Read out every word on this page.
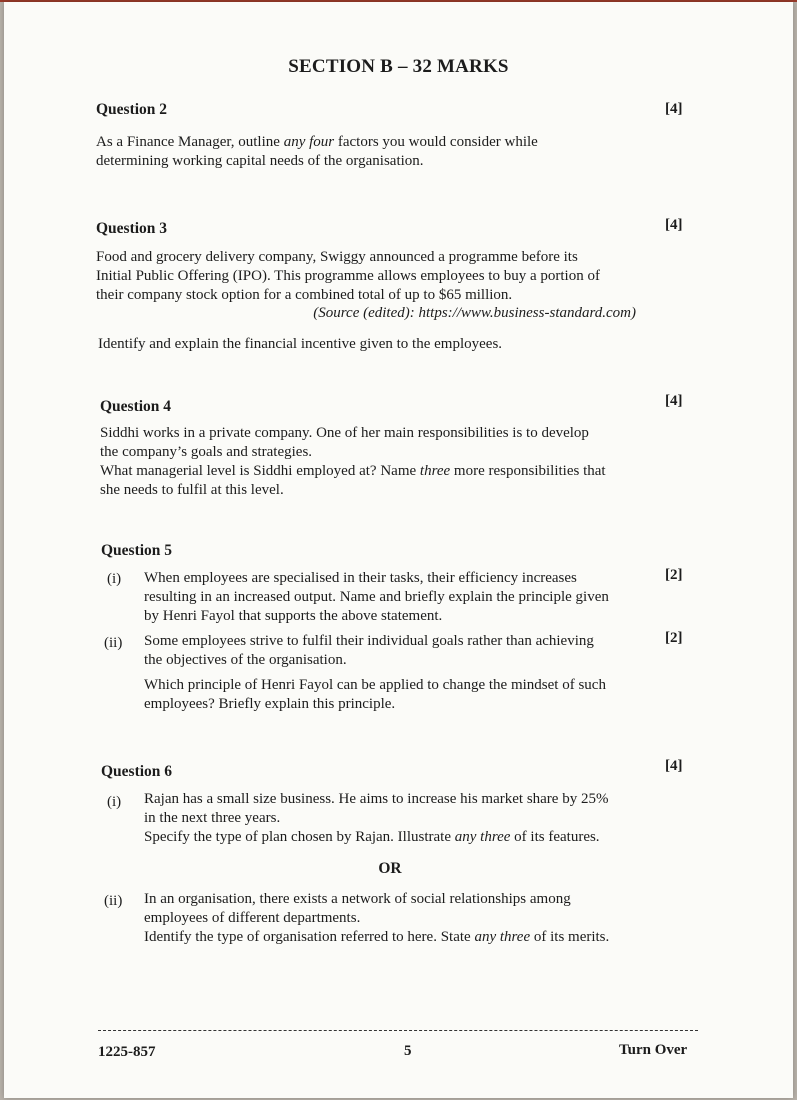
SECTION B – 32 MARKS
Question 2	[4]
As a Finance Manager, outline any four factors you would consider while
determining working capital needs of the organisation.
Question 3	[4]
Food and grocery delivery company, Swiggy announced a programme before its
Initial Public Offering (IPO). This programme allows employees to buy a portion of
their company stock option for a combined total of up to $65 million.
(Source (edited): https://www.business-standard.com)
Identify and explain the financial incentive given to the employees.
Question 4	[4]
Siddhi works in a private company. One of her main responsibilities is to develop
the company’s goals and strategies.
What managerial level is Siddhi employed at? Name three more responsibilities that
she needs to fulfil at this level.
Question 5
(i)	[2]
When employees are specialised in their tasks, their efficiency increases
resulting in an increased output. Name and briefly explain the principle given
by Henri Fayol that supports the above statement.
(ii)	[2]
Some employees strive to fulfil their individual goals rather than achieving
the objectives of the organisation.
Which principle of Henri Fayol can be applied to change the mindset of such
employees? Briefly explain this principle.
Question 6	[4]
(i) Rajan has a small size business. He aims to increase his market share by 25%
in the next three years.
Specify the type of plan chosen by Rajan. Illustrate any three of its features.
OR
(ii) In an organisation, there exists a network of social relationships among
employees of different departments.
Identify the type of organisation referred to here. State any three of its merits.
1225-857	5	Turn Over
